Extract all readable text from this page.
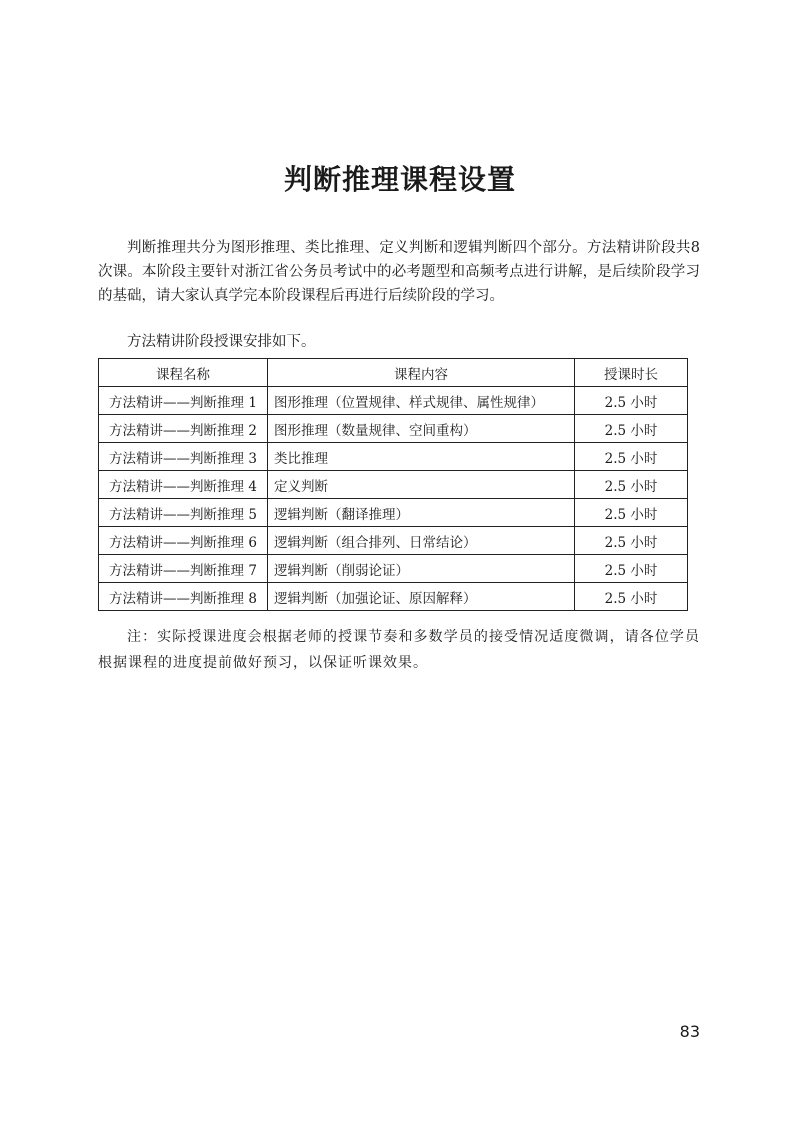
判断推理课程设置

判断推理共分为图形推理、类比推理、定义判断和逻辑判断四个部分。方法精讲阶段共8次课。本阶段主要针对浙江省公务员考试中的必考题型和高频考点进行讲解，是后续阶段学习的基础，请大家认真学完本阶段课程后再进行后续阶段的学习。

方法精讲阶段授课安排如下。

课程名称	课程内容	授课时长
方法精讲——判断推理 1	图形推理（位置规律、样式规律、属性规律）	2.5 小时
方法精讲——判断推理 2	图形推理（数量规律、空间重构）	2.5 小时
方法精讲——判断推理 3	类比推理	2.5 小时
方法精讲——判断推理 4	定义判断	2.5 小时
方法精讲——判断推理 5	逻辑判断（翻译推理）	2.5 小时
方法精讲——判断推理 6	逻辑判断（组合排列、日常结论）	2.5 小时
方法精讲——判断推理 7	逻辑判断（削弱论证）	2.5 小时
方法精讲——判断推理 8	逻辑判断（加强论证、原因解释）	2.5 小时

注：实际授课进度会根据老师的授课节奏和多数学员的接受情况适度微调，请各位学员根据课程的进度提前做好预习，以保证听课效果。

83
